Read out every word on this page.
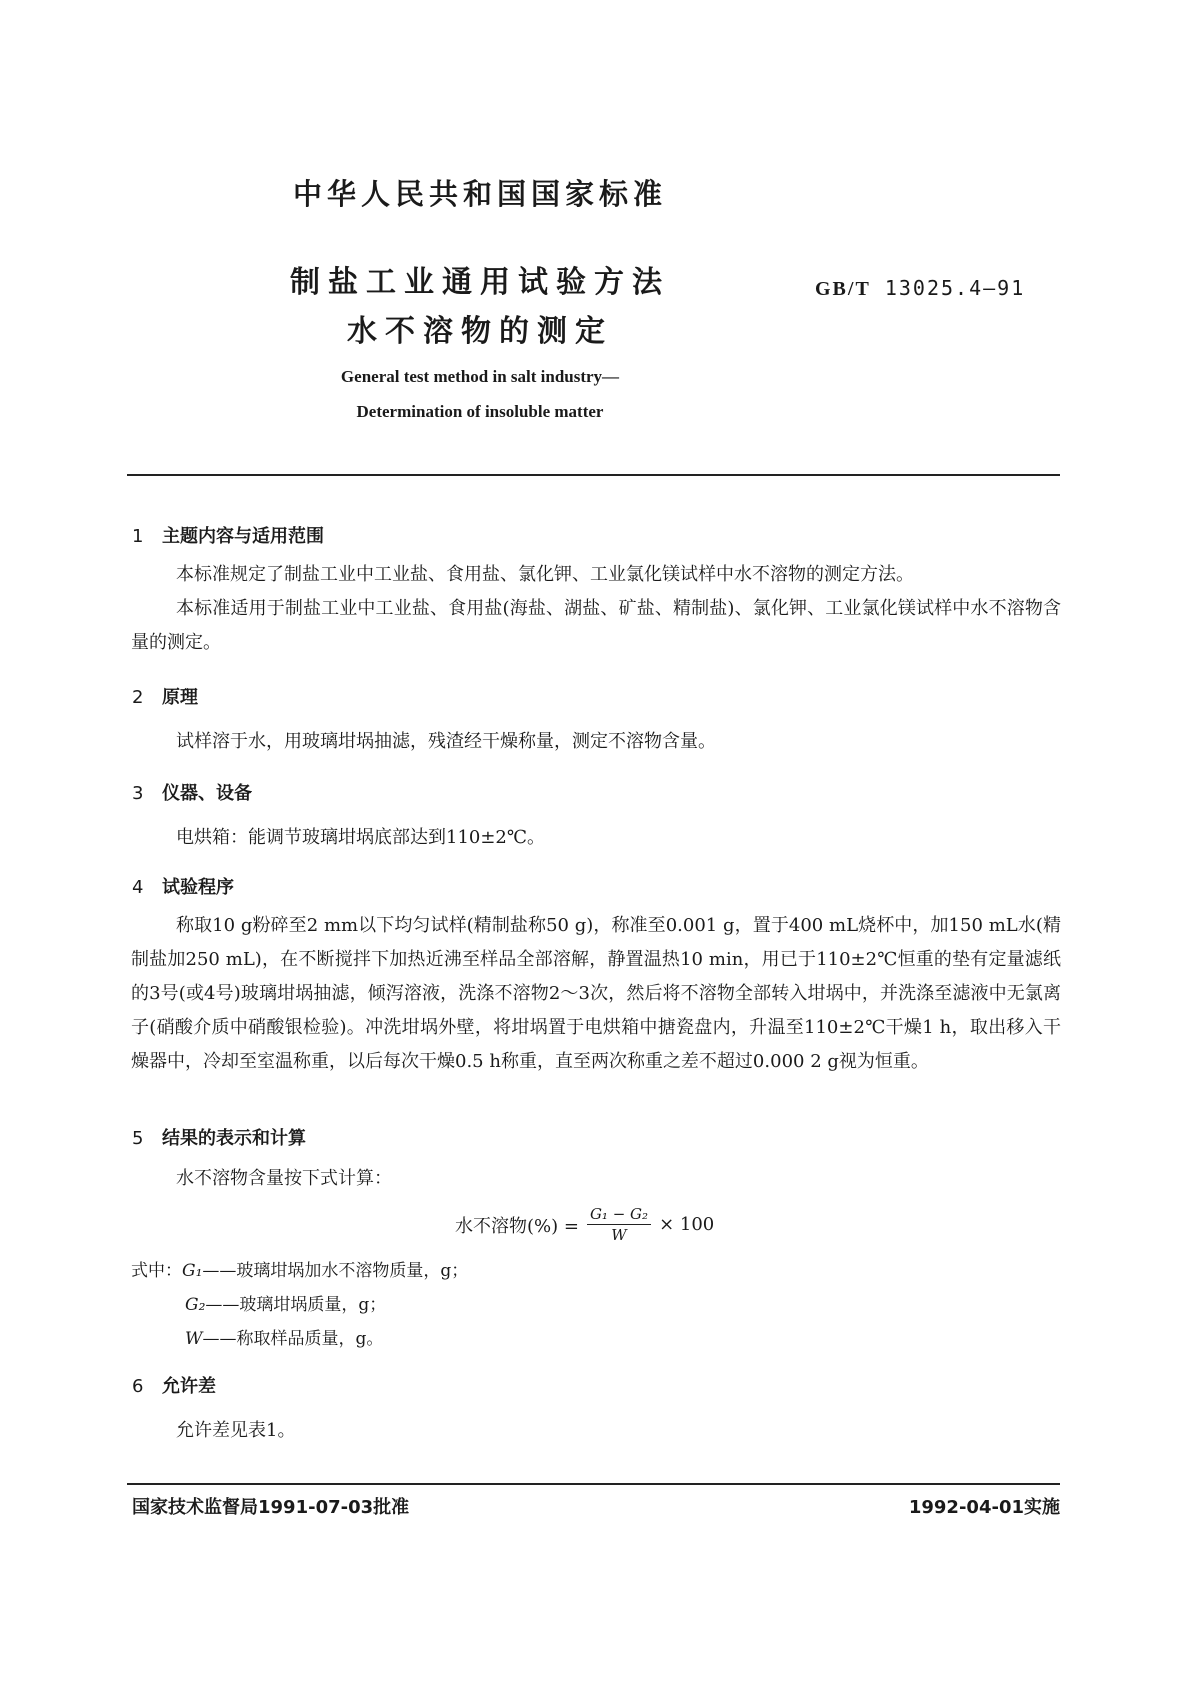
中华人民共和国国家标准
制盐工业通用试验方法
水不溶物的测定
GB/T 13025.4—91
General test method in salt industry—
Determination of insoluble matter
1 主题内容与适用范围
本标准规定了制盐工业中工业盐、食用盐、氯化钾、工业氯化镁试样中水不溶物的测定方法。
本标准适用于制盐工业中工业盐、食用盐(海盐、湖盐、矿盐、精制盐)、氯化钾、工业氯化镁试样中水不溶物含量的测定。
2 原理
试样溶于水，用玻璃坩埚抽滤，残渣经干燥称量，测定不溶物含量。
3 仪器、设备
电烘箱：能调节玻璃坩埚底部达到110±2℃。
4 试验程序
称取10 g粉碎至2 mm以下均匀试样(精制盐称50 g)，称准至0.001 g，置于400 mL烧杯中，加150 mL水(精制盐加250 mL)，在不断搅拌下加热近沸至样品全部溶解，静置温热10 min，用已于110±2℃恒重的垫有定量滤纸的3号(或4号)玻璃坩埚抽滤，倾泻溶液，洗涤不溶物2～3次，然后将不溶物全部转入坩埚中，并洗涤至滤液中无氯离子(硝酸介质中硝酸银检验)。冲洗坩埚外壁，将坩埚置于电烘箱中搪瓷盘内，升温至110±2℃干燥1 h，取出移入干燥器中，冷却至室温称重，以后每次干燥0.5 h称重，直至两次称重之差不超过0.000 2 g视为恒重。
5 结果的表示和计算
水不溶物含量按下式计算：
水不溶物(%) = $\frac{\text{G₁ − G₂}}{W} \times 100$
式中：G₁——玻璃坩埚加水不溶物质量，g；
G₂——玻璃坩埚质量，g；
W——称取样品质量，g。
6 允许差
允许差见表1。
国家技术监督局1991-07-03批准	1992-04-01实施
